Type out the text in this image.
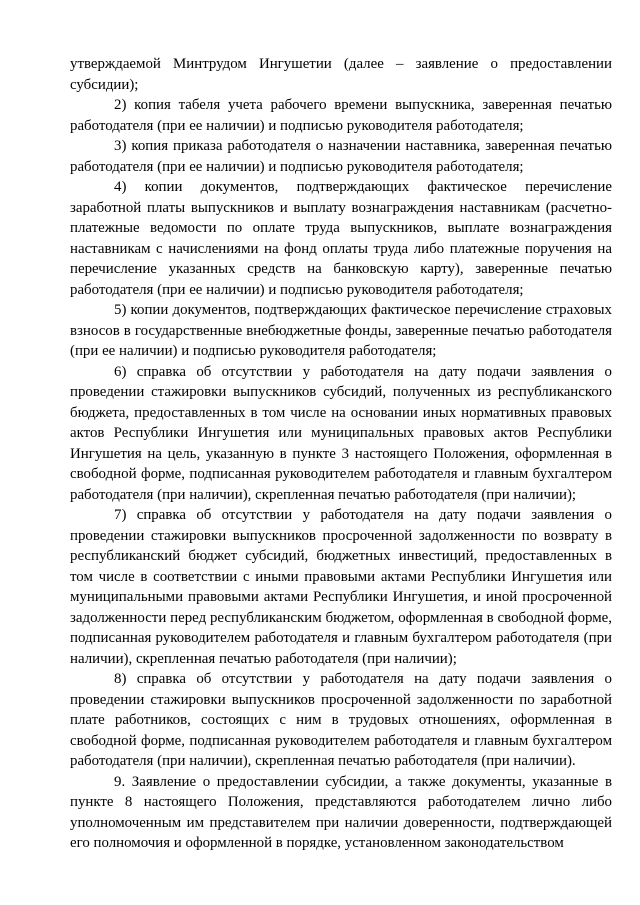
утверждаемой Минтрудом Ингушетии (далее – заявление о предоставлении субсидии);

2) копия табеля учета рабочего времени выпускника, заверенная печатью работодателя (при ее наличии) и подписью руководителя работодателя;

3) копия приказа работодателя о назначении наставника, заверенная печатью работодателя (при ее наличии) и подписью руководителя работодателя;

4) копии документов, подтверждающих фактическое перечисление заработной платы выпускников и выплату вознаграждения наставникам (расчетно-платежные ведомости по оплате труда выпускников, выплате вознаграждения наставникам с начислениями на фонд оплаты труда либо платежные поручения на перечисление указанных средств на банковскую карту), заверенные печатью работодателя (при ее наличии) и подписью руководителя работодателя;

5) копии документов, подтверждающих фактическое перечисление страховых взносов в государственные внебюджетные фонды, заверенные печатью работодателя (при ее наличии) и подписью руководителя работодателя;

6) справка об отсутствии у работодателя на дату подачи заявления о проведении стажировки выпускников субсидий, полученных из республиканского бюджета, предоставленных в том числе на основании иных нормативных правовых актов Республики Ингушетия или муниципальных правовых актов Республики Ингушетия на цель, указанную в пункте 3 настоящего Положения, оформленная в свободной форме, подписанная руководителем работодателя и главным бухгалтером работодателя (при наличии), скрепленная печатью работодателя (при наличии);

7) справка об отсутствии у работодателя на дату подачи заявления о проведении стажировки выпускников просроченной задолженности по возврату в республиканский бюджет субсидий, бюджетных инвестиций, предоставленных в том числе в соответствии с иными правовыми актами Республики Ингушетия или муниципальными правовыми актами Республики Ингушетия, и иной просроченной задолженности перед республиканским бюджетом, оформленная в свободной форме, подписанная руководителем работодателя и главным бухгалтером работодателя (при наличии), скрепленная печатью работодателя (при наличии);

8) справка об отсутствии у работодателя на дату подачи заявления о проведении стажировки выпускников просроченной задолженности по заработной плате работников, состоящих с ним в трудовых отношениях, оформленная в свободной форме, подписанная руководителем работодателя и главным бухгалтером работодателя (при наличии), скрепленная печатью работодателя (при наличии).

9. Заявление о предоставлении субсидии, а также документы, указанные в пункте 8 настоящего Положения, представляются работодателем лично либо уполномоченным им представителем при наличии доверенности, подтверждающей его полномочия и оформленной в порядке, установленном законодательством
